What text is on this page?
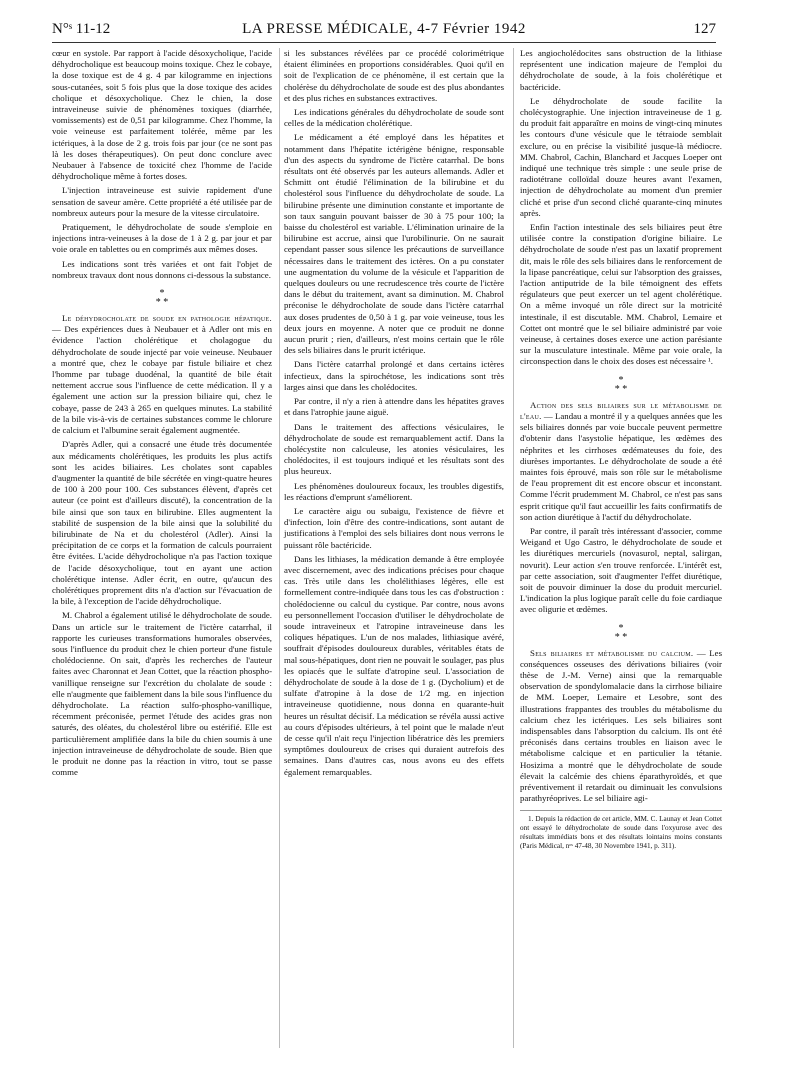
N°ˢ 11-12	LA PRESSE MÉDICALE, 4-7 Février 1942	127

cœur en systole. Par rapport à l'acide désoxycholique, l'acide déhydrocholique est beaucoup moins toxique. Chez le cobaye, la dose toxique est de 4 g. 4 par kilogramme en injections sous-cutanées, soit 5 fois plus que la dose toxique des acides cholique et désoxycholique. Chez le chien, la dose intraveineuse suivie de phénomènes toxiques (diarrhée, vomissements) est de 0,51 par kilogramme. Chez l'homme, la voie veineuse est parfaitement tolérée, même par les ictériques, à la dose de 2 g. trois fois par jour (ce ne sont pas là les doses thérapeutiques). On peut donc conclure avec Neubauer à l'absence de toxicité chez l'homme de l'acide déhydrocholique même à fortes doses.

L'injection intraveineuse est suivie rapidement d'une sensation de saveur amère. Cette propriété a été utilisée par de nombreux auteurs pour la mesure de la vitesse circulatoire.

Pratiquement, le déhydrocholate de soude s'emploie en injections intra-veineuses à la dose de 1 à 2 g. par jour et par voie orale en tablettes ou en comprimés aux mêmes doses.

Les indications sont très variées et ont fait l'objet de nombreux travaux dont nous donnons ci-dessous la substance.

*
* *

Le déhydrocholate de soude en pathologie hépatique. — Des expériences dues à Neubauer et à Adler ont mis en évidence l'action cholérétique et cholagogue du déhydrocholate de soude injecté par voie veineuse. Neubauer a montré que, chez le cobaye par fistule biliaire et chez l'homme par tubage duodénal, la quantité de bile était nettement accrue sous l'influence de cette médication. Il y a également une action sur la pression biliaire qui, chez le cobaye, passe de 243 à 265 en quelques minutes. La stabilité de la bile vis-à-vis de certaines substances comme le chlorure de calcium et l'albumine serait également augmentée.

D'après Adler, qui a consacré une étude très documentée aux médicaments cholérétiques, les produits les plus actifs sont les acides biliaires. Les cholates sont capables d'augmenter la quantité de bile sécrétée en vingt-quatre heures de 100 à 200 pour 100. Ces substances élèvent, d'après cet auteur (ce point est d'ailleurs discuté), la concentration de la bile ainsi que son taux en bilirubine. Elles augmentent la stabilité de suspension de la bile ainsi que la solubilité du bilirubinate de Na et du cholestérol (Adler). Ainsi la précipitation de ce corps et la formation de calculs pourraient être évitées. L'acide déhydrocholique n'a pas l'action toxique de l'acide désoxycholique, tout en ayant une action cholérétique intense. Adler écrit, en outre, qu'aucun des cholérétiques proprement dits n'a d'action sur l'évacuation de la bile, à l'exception de l'acide déhydrocholique.

M. Chabrol a également utilisé le déhydrocholate de soude. Dans un article sur le traitement de l'ictère catarrhal, il rapporte les curieuses transformations humorales observées, sous l'influence du produit chez le chien porteur d'une fistule cholédocienne. On sait, d'après les recherches de l'auteur faites avec Charonnat et Jean Cottet, que la réaction phospho-vanillique renseigne sur l'excrétion du cholalate de soude : elle n'augmente que faiblement dans la bile sous l'influence du déhydrocholate. La réaction sulfo-phospho-vanillique, récemment préconisée, permet l'étude des acides gras non saturés, des oléates, du cholestérol libre ou estérifié. Elle est particulièrement amplifiée dans la bile du chien soumis à une injection intraveineuse de déhydrocholate de soude. Bien que le produit ne donne pas la réaction in vitro, tout se passe comme

si les substances révélées par ce procédé colorimétrique étaient éliminées en proportions considérables. Quoi qu'il en soit de l'explication de ce phénomène, il est certain que la cholérèse du déhydrocholate de soude est des plus abondantes et des plus riches en substances extractives.

Les indications générales du déhydrocholate de soude sont celles de la médication cholérétique.

Le médicament a été employé dans les hépatites et notamment dans l'hépatite ictérigène bénigne, responsable d'un des aspects du syndrome de l'ictère catarrhal. De bons résultats ont été observés par les auteurs allemands. Adler et Schmitt ont étudié l'élimination de la bilirubine et du cholestérol sous l'influence du déhydrocholate de soude. La bilirubine présente une diminution constante et importante de son taux sanguin pouvant baisser de 30 à 75 pour 100; la baisse du cholestérol est variable. L'élimination urinaire de la bilirubine est accrue, ainsi que l'urobilinurie. On ne saurait cependant passer sous silence les précautions de surveillance nécessaires dans le traitement des ictères. On a pu constater une augmentation du volume de la vésicule et l'apparition de quelques douleurs ou une recrudescence très courte de l'ictère dans le début du traitement, avant sa diminution. M. Chabrol préconise le déhydrocholate de soude dans l'ictère catarrhal aux doses prudentes de 0,50 à 1 g. par voie veineuse, tous les deux jours en moyenne. A noter que ce produit ne donne aucun prurit ; rien, d'ailleurs, n'est moins certain que le rôle des sels biliaires dans le prurit ictérique.

Dans l'ictère catarrhal prolongé et dans certains ictères infectieux, dans la spirochétose, les indications sont très larges ainsi que dans les cholédocites.

Par contre, il n'y a rien à attendre dans les hépatites graves et dans l'atrophie jaune aiguë.

Dans le traitement des affections vésiculaires, le déhydrocholate de soude est remarquablement actif. Dans la cholécystite non calculeuse, les atonies vésiculaires, les cholédocites, il est toujours indiqué et les résultats sont des plus heureux.

Les phénomènes douloureux focaux, les troubles digestifs, les réactions d'emprunt s'améliorent.

Le caractère aigu ou subaigu, l'existence de fièvre et d'infection, loin d'être des contre-indications, sont autant de justifications à l'emploi des sels biliaires dont nous verrons le puissant rôle bactéricide.

Dans les lithiases, la médication demande à être employée avec discernement, avec des indications précises pour chaque cas. Très utile dans les cholélithiases légères, elle est formellement contre-indiquée dans tous les cas d'obstruction : cholédocienne ou calcul du cystique. Par contre, nous avons eu personnellement l'occasion d'utiliser le déhydrocholate de soude intraveineux et l'atropine intraveineuse dans les coliques hépatiques. L'un de nos malades, lithiasique avéré, souffrait d'épisodes douloureux durables, véritables états de mal sous-hépatiques, dont rien ne pouvait le soulager, pas plus les opiacés que le sulfate d'atropine seul. L'association de déhydrocholate de soude à la dose de 1 g. (Dycholium) et de sulfate d'atropine à la dose de 1/2 mg. en injection intraveineuse quotidienne, nous donna en quarante-huit heures un résultat décisif. La médication se révéla aussi active au cours d'épisodes ultérieurs, à tel point que le malade n'eut de cesse qu'il n'ait reçu l'injection libératrice dès les premiers symptômes douloureux de crises qui duraient autrefois des semaines. Dans d'autres cas, nous avons eu des effets également remarquables.

Les angiocholédocites sans obstruction de la lithiase représentent une indication majeure de l'emploi du déhydrocholate de soude, à la fois cholérétique et bactéricide.

Le déhydrocholate de soude facilite la cholécystographie. Une injection intraveineuse de 1 g. du produit fait apparaître en moins de vingt-cinq minutes les contours d'une vésicule que le tétraiode semblait exclure, ou en précise la visibilité jusque-là médiocre. MM. Chabrol, Cachin, Blanchard et Jacques Loeper ont indiqué une technique très simple : une seule prise de radiotétrane colloïdal douze heures avant l'examen, injection de déhydrocholate au moment d'un premier cliché et prise d'un second cliché quarante-cinq minutes après.

Enfin l'action intestinale des sels biliaires peut être utilisée contre la constipation d'origine biliaire. Le déhydrocholate de soude n'est pas un laxatif proprement dit, mais le rôle des sels biliaires dans le renforcement de la lipase pancréatique, celui sur l'absorption des graisses, l'action antiputride de la bile témoignent des effets régulateurs que peut exercer un tel agent cholérétique. On a même invoqué un rôle direct sur la motricité intestinale, il est discutable. MM. Chabrol, Lemaire et Cottet ont montré que le sel biliaire administré par voie veineuse, à certaines doses exerce une action parésiante sur la musculature intestinale. Même par voie orale, la circonspection dans le choix des doses est nécessaire ¹.

*
* *

Action des sels biliaires sur le métabolisme de l'eau. — Landau a montré il y a quelques années que les sels biliaires donnés par voie buccale peuvent permettre d'obtenir dans l'asystolie hépatique, les œdèmes des néphrites et les cirrhoses œdémateuses du foie, des diurèses importantes. Le déhydrocholate de soude a été maintes fois éprouvé, mais son rôle sur le métabolisme de l'eau proprement dit est encore obscur et inconstant. Comme l'écrit prudemment M. Chabrol, ce n'est pas sans esprit critique qu'il faut accueillir les faits confirmatifs de son action diurétique à l'actif du déhydrocholate.

Par contre, il paraît très intéressant d'associer, comme Weigand et Ugo Castro, le déhydrocholate de soude et les diurétiques mercuriels (novasurol, neptal, salirgan, novurit). Leur action s'en trouve renforcée. L'intérêt est, par cette association, soit d'augmenter l'effet diurétique, soit de pouvoir diminuer la dose du produit mercuriel. L'indication la plus logique paraît celle du foie cardiaque avec oligurie et œdèmes.

*
* *

Sels biliaires et métabolisme du calcium. — Les conséquences osseuses des dérivations biliaires (voir thèse de J.-M. Verne) ainsi que la remarquable observation de spondylomalacie dans la cirrhose biliaire de MM. Loeper, Lemaire et Lesobre, sont des illustrations frappantes des troubles du métabolisme du calcium chez les ictériques. Les sels biliaires sont indispensables dans l'absorption du calcium. Ils ont été préconisés dans certains troubles en liaison avec le métabolisme calcique et en particulier la tétanie. Hosizima a montré que le déhydrocholate de soude élevait la calcémie des chiens éparathyroïdés, et que préventivement il retardait ou diminuait les convulsions parathyréoprives. Le sel biliaire agi-

1. Depuis la rédaction de cet article, MM. C. Launay et Jean Cottet ont essayé le déhydrocholate de soude dans l'oxyurose avec des résultats immédiats bons et des résultats lointains moins constants (Paris Médical, nᵒˢ 47-48, 30 Novembre 1941, p. 311).
